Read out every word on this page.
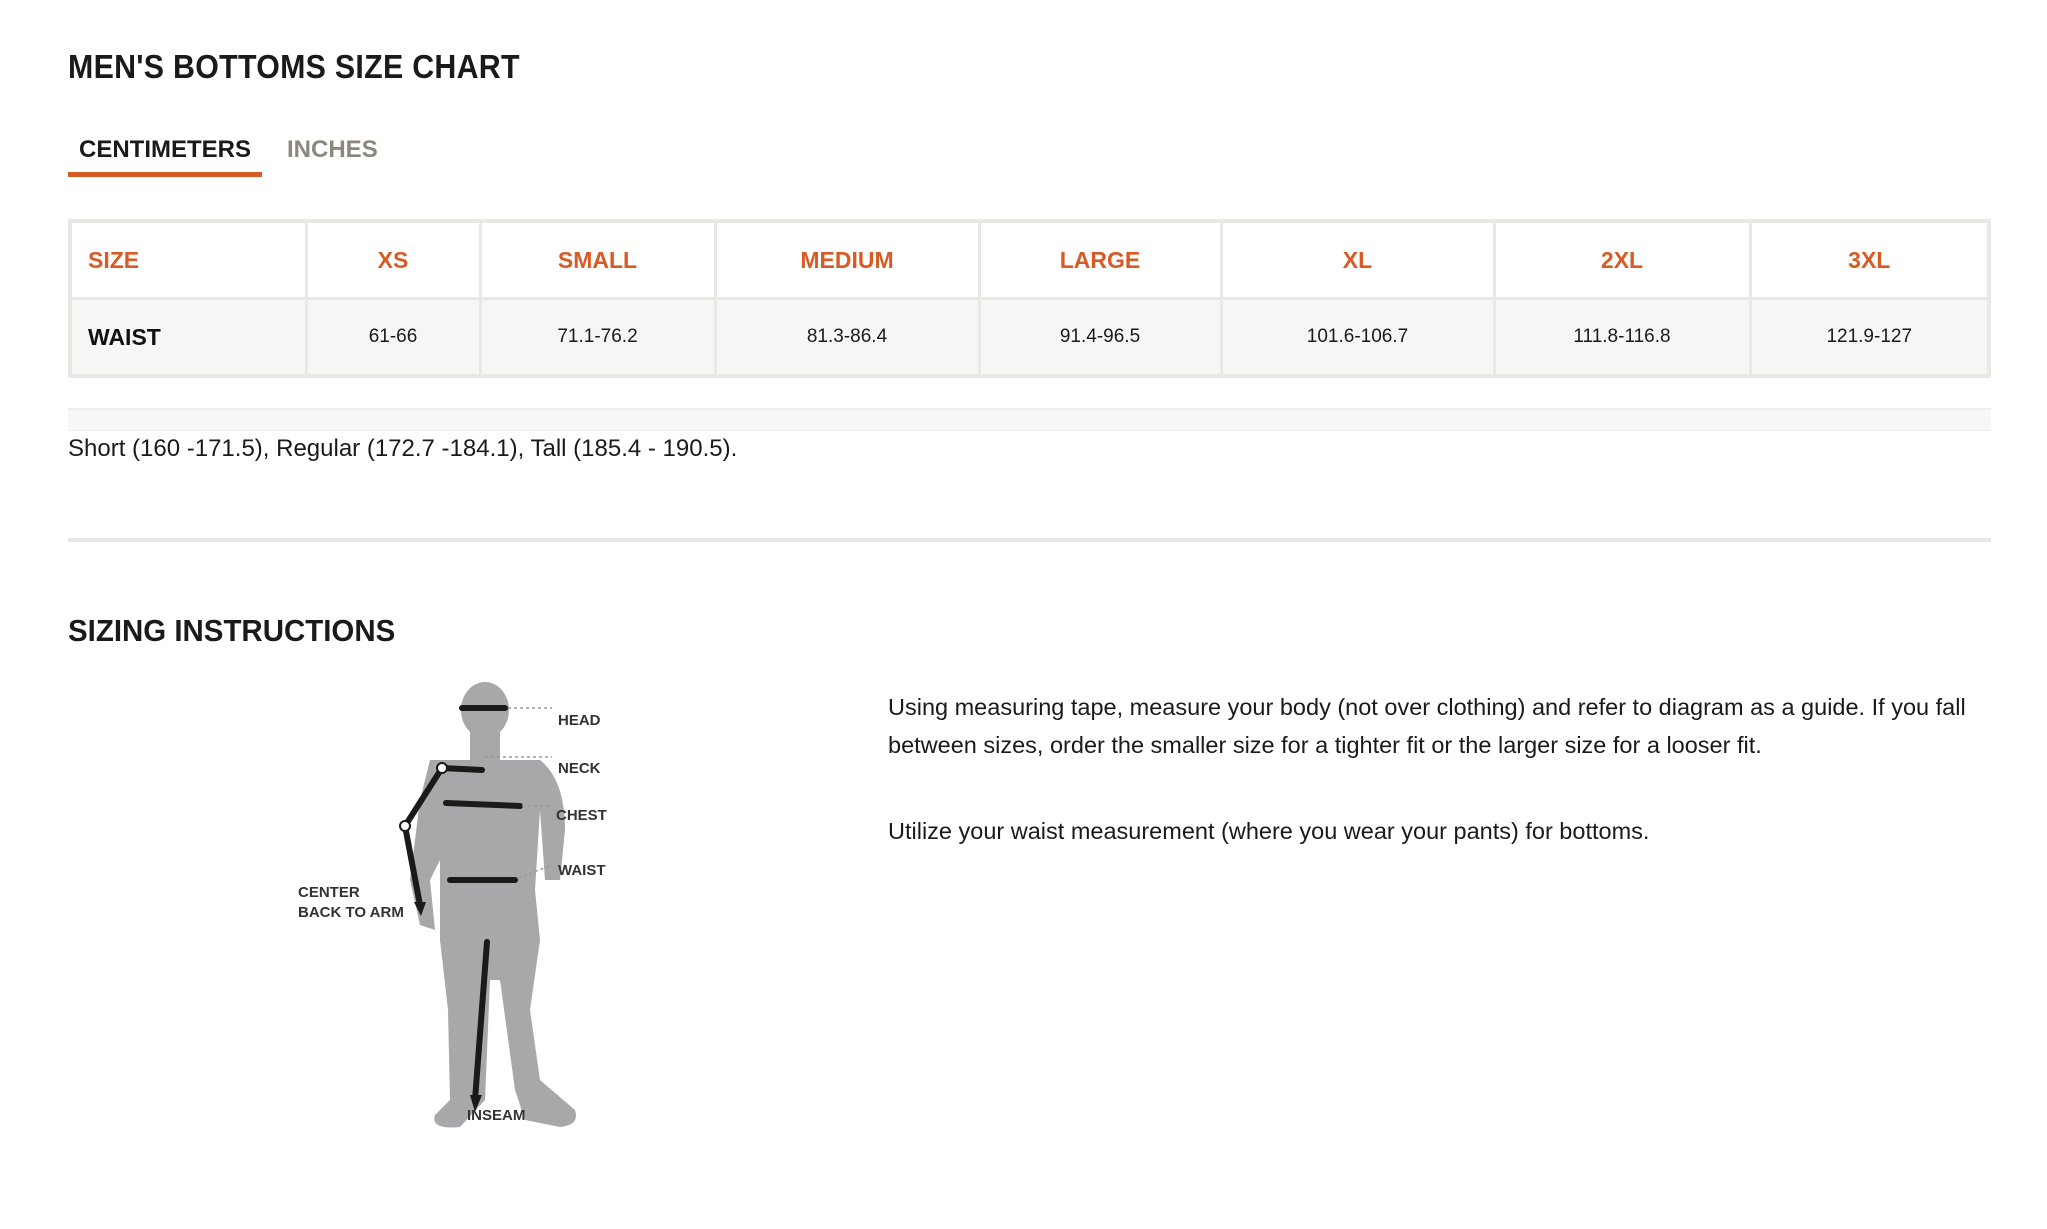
MEN'S BOTTOMS SIZE CHART
CENTIMETERS	INCHES
SIZE	XS	SMALL	MEDIUM	LARGE	XL	2XL	3XL
WAIST	61-66	71.1-76.2	81.3-86.4	91.4-96.5	101.6-106.7	111.8-116.8	121.9-127
Short (160 -171.5), Regular (172.7 -184.1), Tall (185.4 - 190.5).
SIZING INSTRUCTIONS
HEAD
NECK
CHEST
WAIST
CENTER
BACK TO ARM
INSEAM
Using measuring tape, measure your body (not over clothing) and refer to diagram as a guide. If you fall between sizes, order the smaller size for a tighter fit or the larger size for a looser fit.
Utilize your waist measurement (where you wear your pants) for bottoms.
